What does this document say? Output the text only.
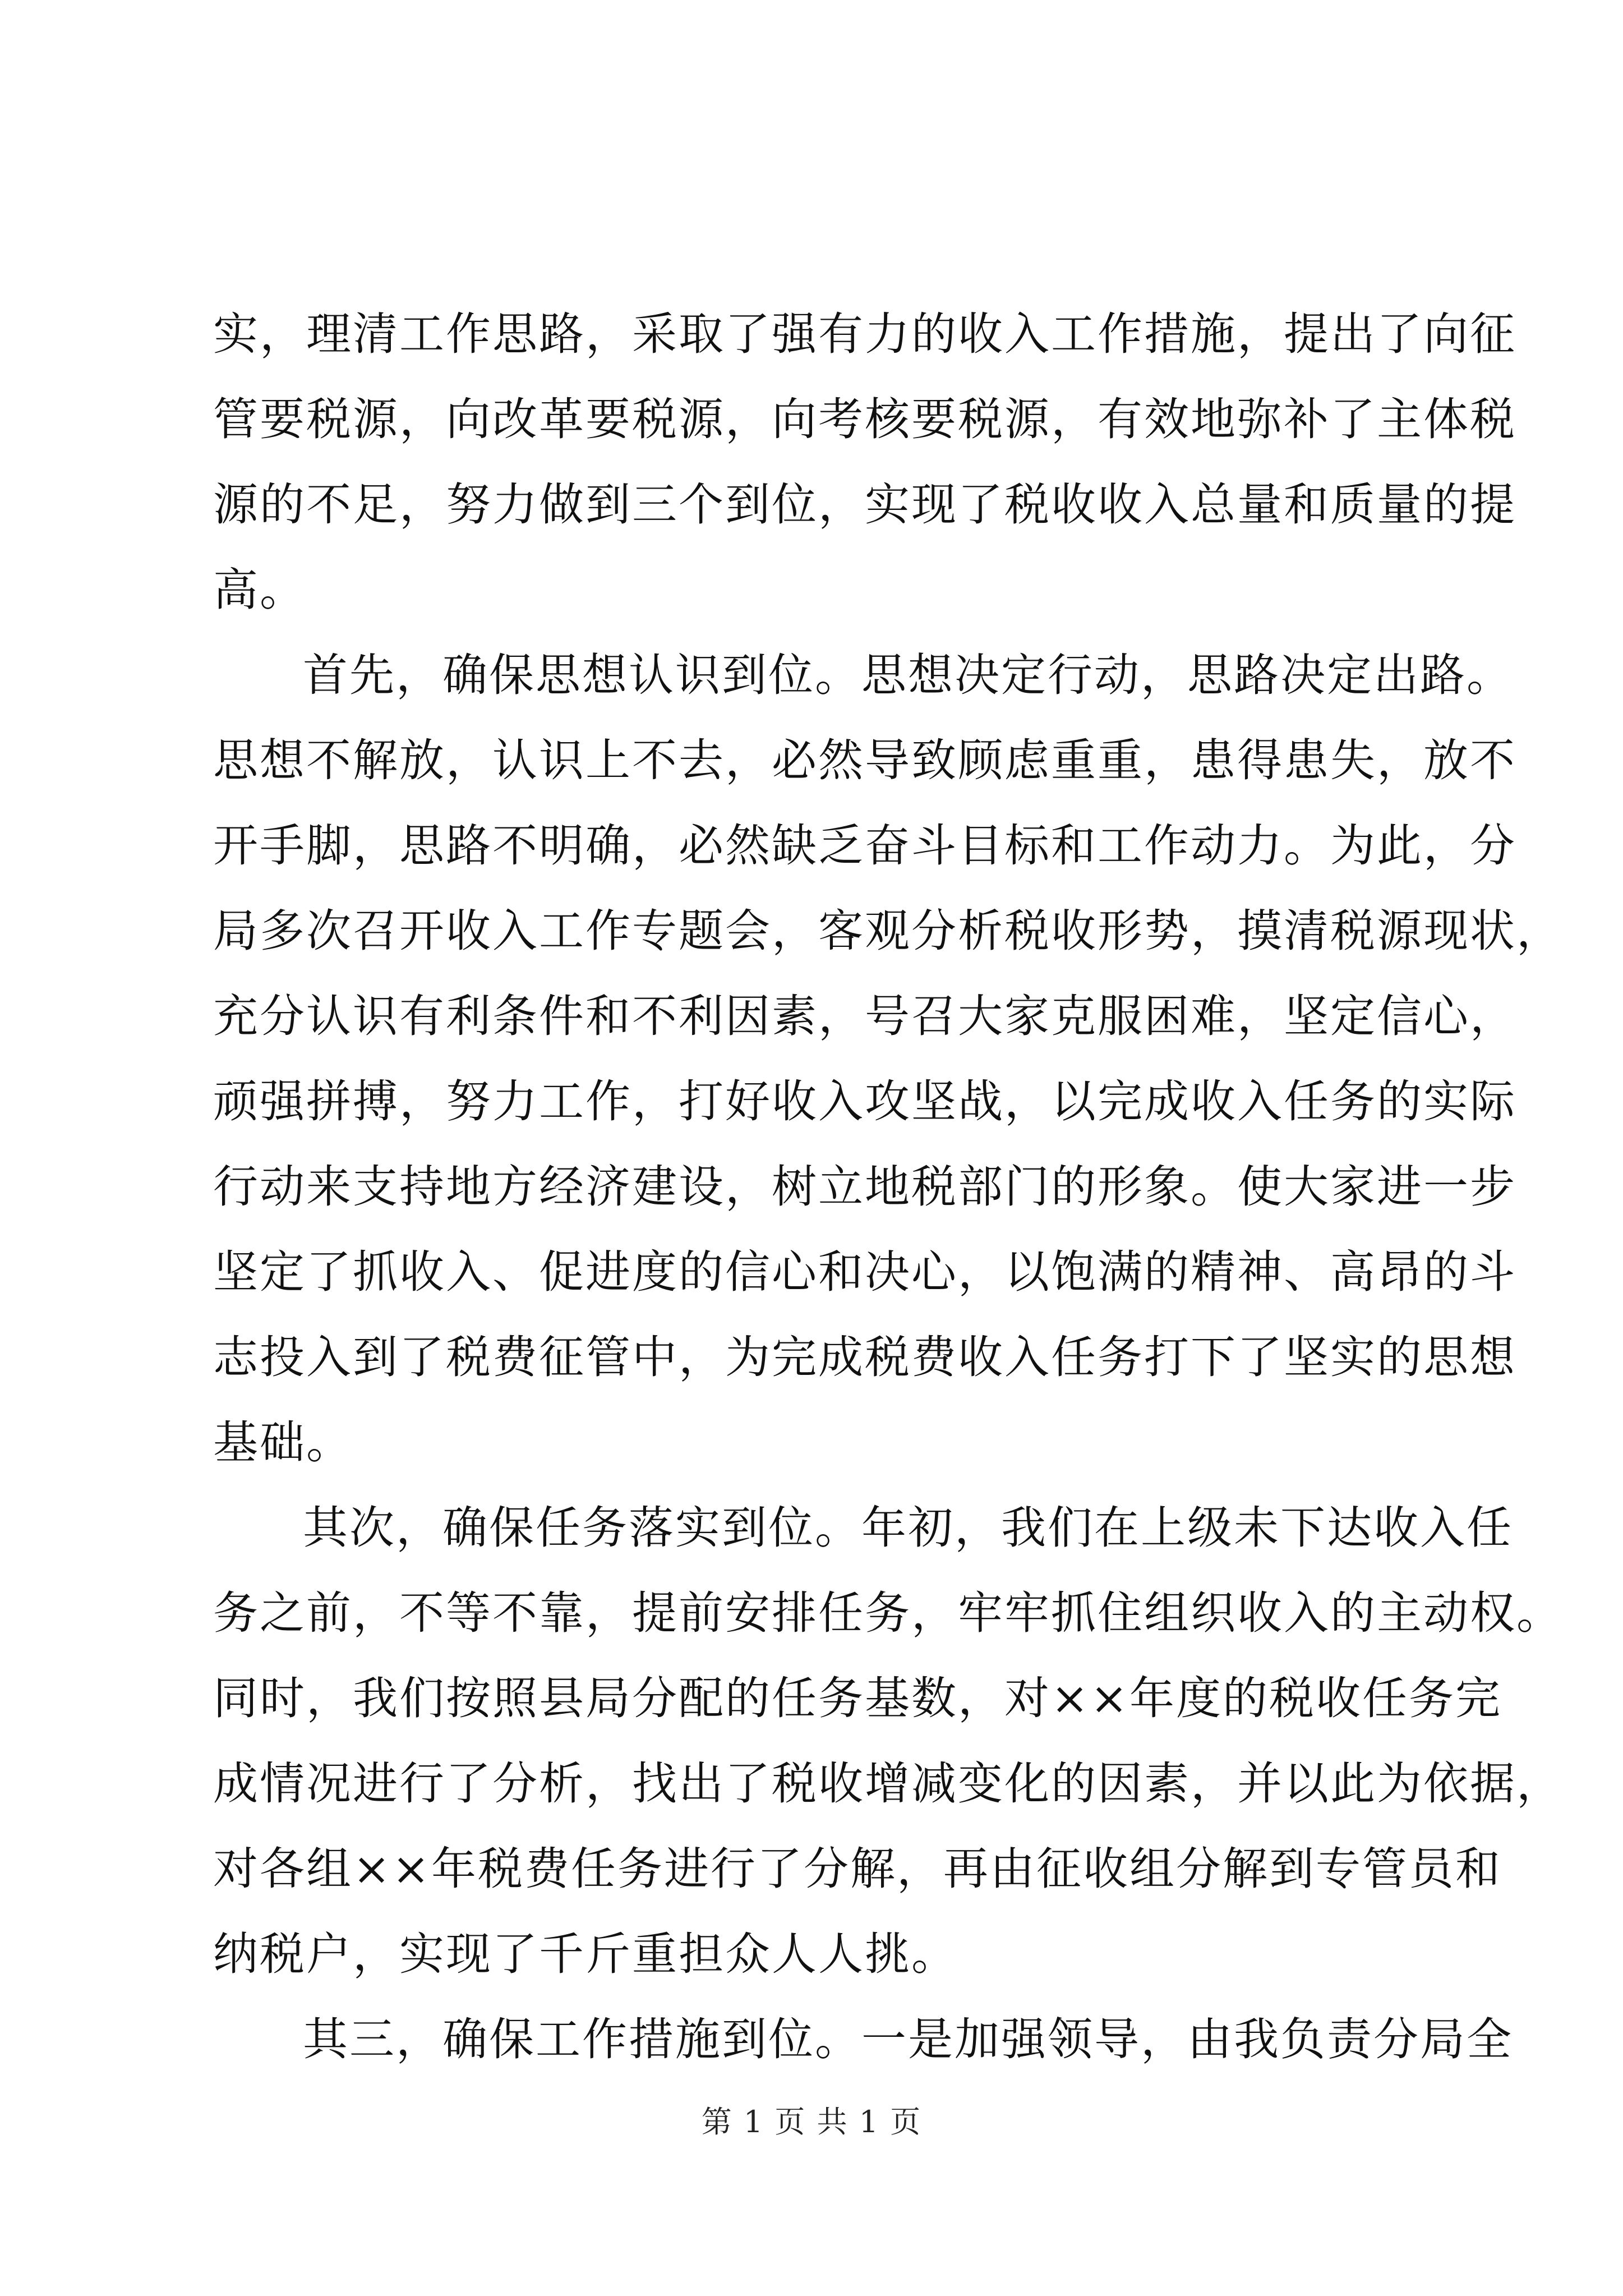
实，理清工作思路，采取了强有力的收入工作措施，提出了向征
管要税源，向改革要税源，向考核要税源，有效地弥补了主体税
源的不足，努力做到三个到位，实现了税收收入总量和质量的提
高。
首先，确保思想认识到位。思想决定行动，思路决定出路。
思想不解放，认识上不去，必然导致顾虑重重，患得患失，放不
开手脚，思路不明确，必然缺乏奋斗目标和工作动力。为此，分
局多次召开收入工作专题会，客观分析税收形势，摸清税源现状，
充分认识有利条件和不利因素，号召大家克服困难，坚定信心，
顽强拼搏，努力工作，打好收入攻坚战，以完成收入任务的实际
行动来支持地方经济建设，树立地税部门的形象。使大家进一步
坚定了抓收入、促进度的信心和决心，以饱满的精神、高昂的斗
志投入到了税费征管中，为完成税费收入任务打下了坚实的思想
基础。
其次，确保任务落实到位。年初，我们在上级未下达收入任
务之前，不等不靠，提前安排任务，牢牢抓住组织收入的主动权。
同时，我们按照县局分配的任务基数，对××年度的税收任务完
成情况进行了分析，找出了税收增减变化的因素，并以此为依据，
对各组××年税费任务进行了分解，再由征收组分解到专管员和
纳税户，实现了千斤重担众人人挑。
其三，确保工作措施到位。一是加强领导，由我负责分局全
第 1 页 共 1 页
